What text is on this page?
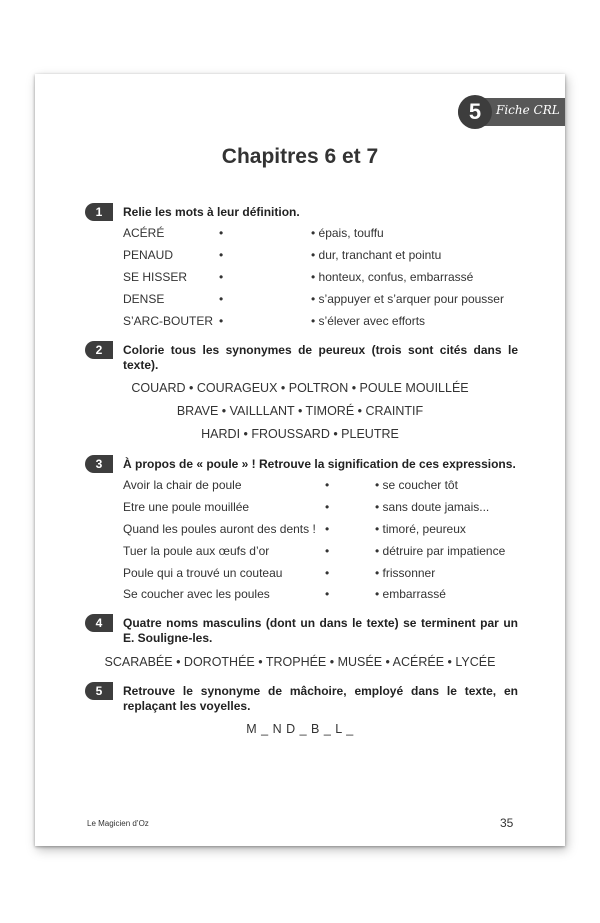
5	Fiche CRL
Chapitres 6 et 7
1	Relie les mots à leur définition.
ACÉRÉ	•	• épais, touffu
PENAUD	•	• dur, tranchant et pointu
SE HISSER	•	• honteux, confus, embarrassé
DENSE	•	• s’appuyer et s’arquer pour pousser
S’ARC-BOUTER •	• s’élever avec efforts
2	Colorie tous les synonymes de peureux (trois sont cités dans le texte).
COUARD • COURAGEUX • POLTRON • POULE MOUILLÉE
BRAVE • VAILLLANT • TIMORÉ • CRAINTIF
HARDI • FROUSSARD • PLEUTRE
3	À propos de « poule » ! Retrouve la signification de ces expressions.
Avoir la chair de poule	•	• se coucher tôt
Etre une poule mouillée	•	• sans doute jamais...
Quand les poules auront des dents ! •	• timoré, peureux
Tuer la poule aux œufs d’or	•	• détruire par impatience
Poule qui a trouvé un couteau	•	• frissonner
Se coucher avec les poules	•	• embarrassé
4	Quatre noms masculins (dont un dans le texte) se terminent par un E. Souligne-les.
SCARABÉE • DOROTHÉE • TROPHÉE • MUSÉE • ACÉRÉE • LYCÉE
5	Retrouve le synonyme de mâchoire, employé dans le texte, en replaçant les voyelles.
M _ N D _ B _ L _
Le Magicien d’Oz	35
